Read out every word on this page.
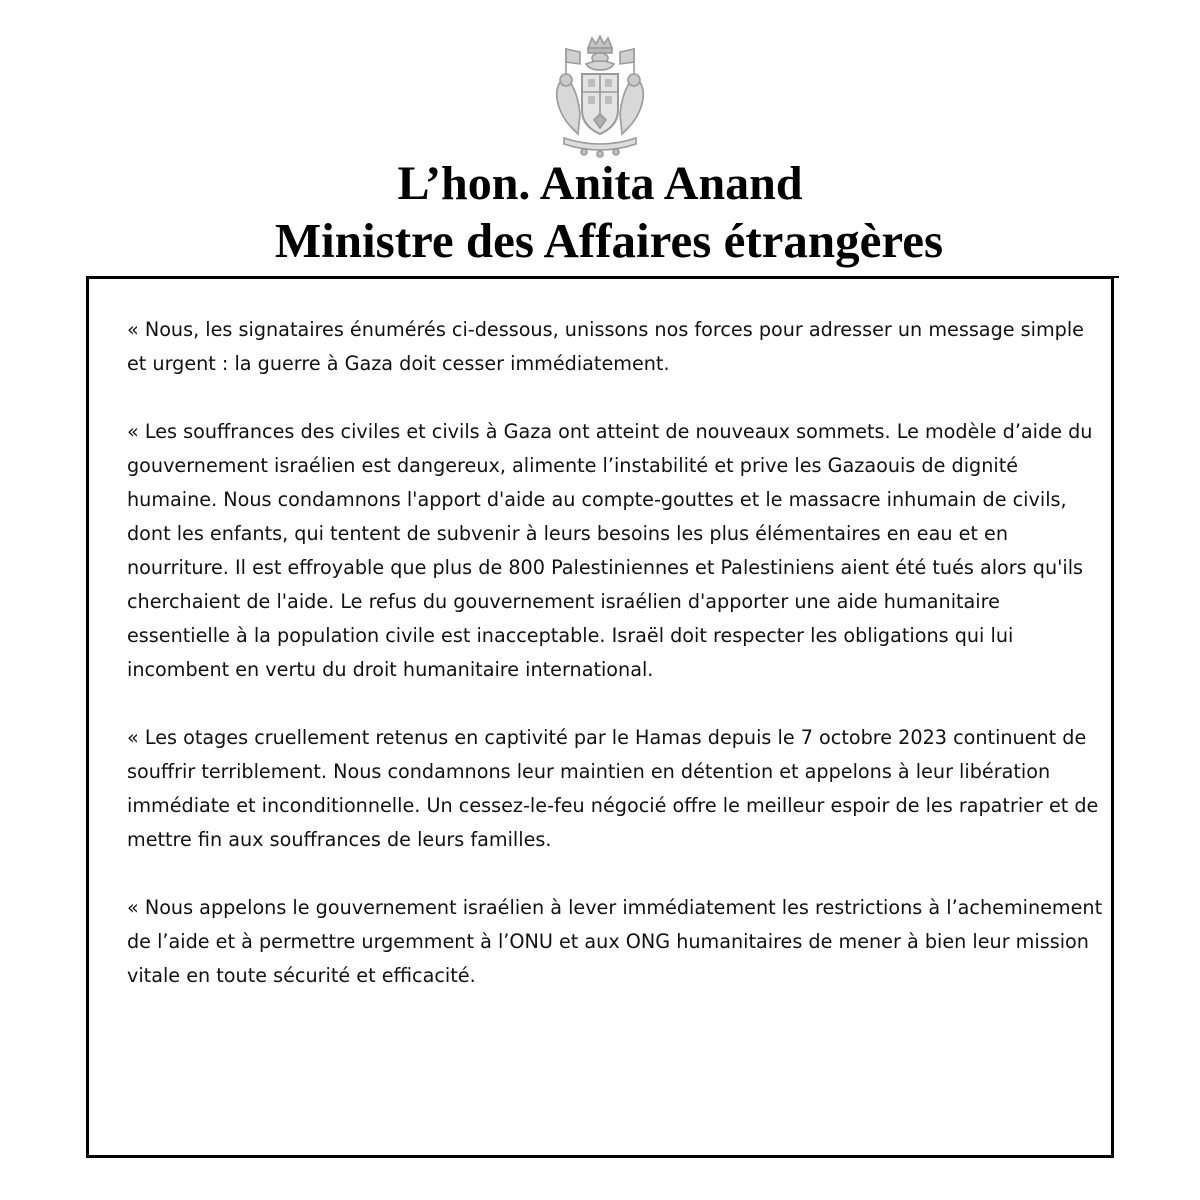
L’hon. Anita Anand
Ministre des Affaires étrangères

« Nous, les signataires énumérés ci-dessous, unissons nos forces pour adresser un message simple et urgent : la guerre à Gaza doit cesser immédiatement.

« Les souffrances des civiles et civils à Gaza ont atteint de nouveaux sommets. Le modèle d’aide du gouvernement israélien est dangereux, alimente l’instabilité et prive les Gazaouis de dignité humaine. Nous condamnons l'apport d'aide au compte-gouttes et le massacre inhumain de civils, dont les enfants, qui tentent de subvenir à leurs besoins les plus élémentaires en eau et en nourriture. Il est effroyable que plus de 800 Palestiniennes et Palestiniens aient été tués alors qu'ils cherchaient de l'aide. Le refus du gouvernement israélien d'apporter une aide humanitaire essentielle à la population civile est inacceptable. Israël doit respecter les obligations qui lui incombent en vertu du droit humanitaire international.

« Les otages cruellement retenus en captivité par le Hamas depuis le 7 octobre 2023 continuent de souffrir terriblement. Nous condamnons leur maintien en détention et appelons à leur libération immédiate et inconditionnelle. Un cessez-le-feu négocié offre le meilleur espoir de les rapatrier et de mettre fin aux souffrances de leurs familles.

« Nous appelons le gouvernement israélien à lever immédiatement les restrictions à l’acheminement de l’aide et à permettre urgemment à l’ONU et aux ONG humanitaires de mener à bien leur mission vitale en toute sécurité et efficacité.
